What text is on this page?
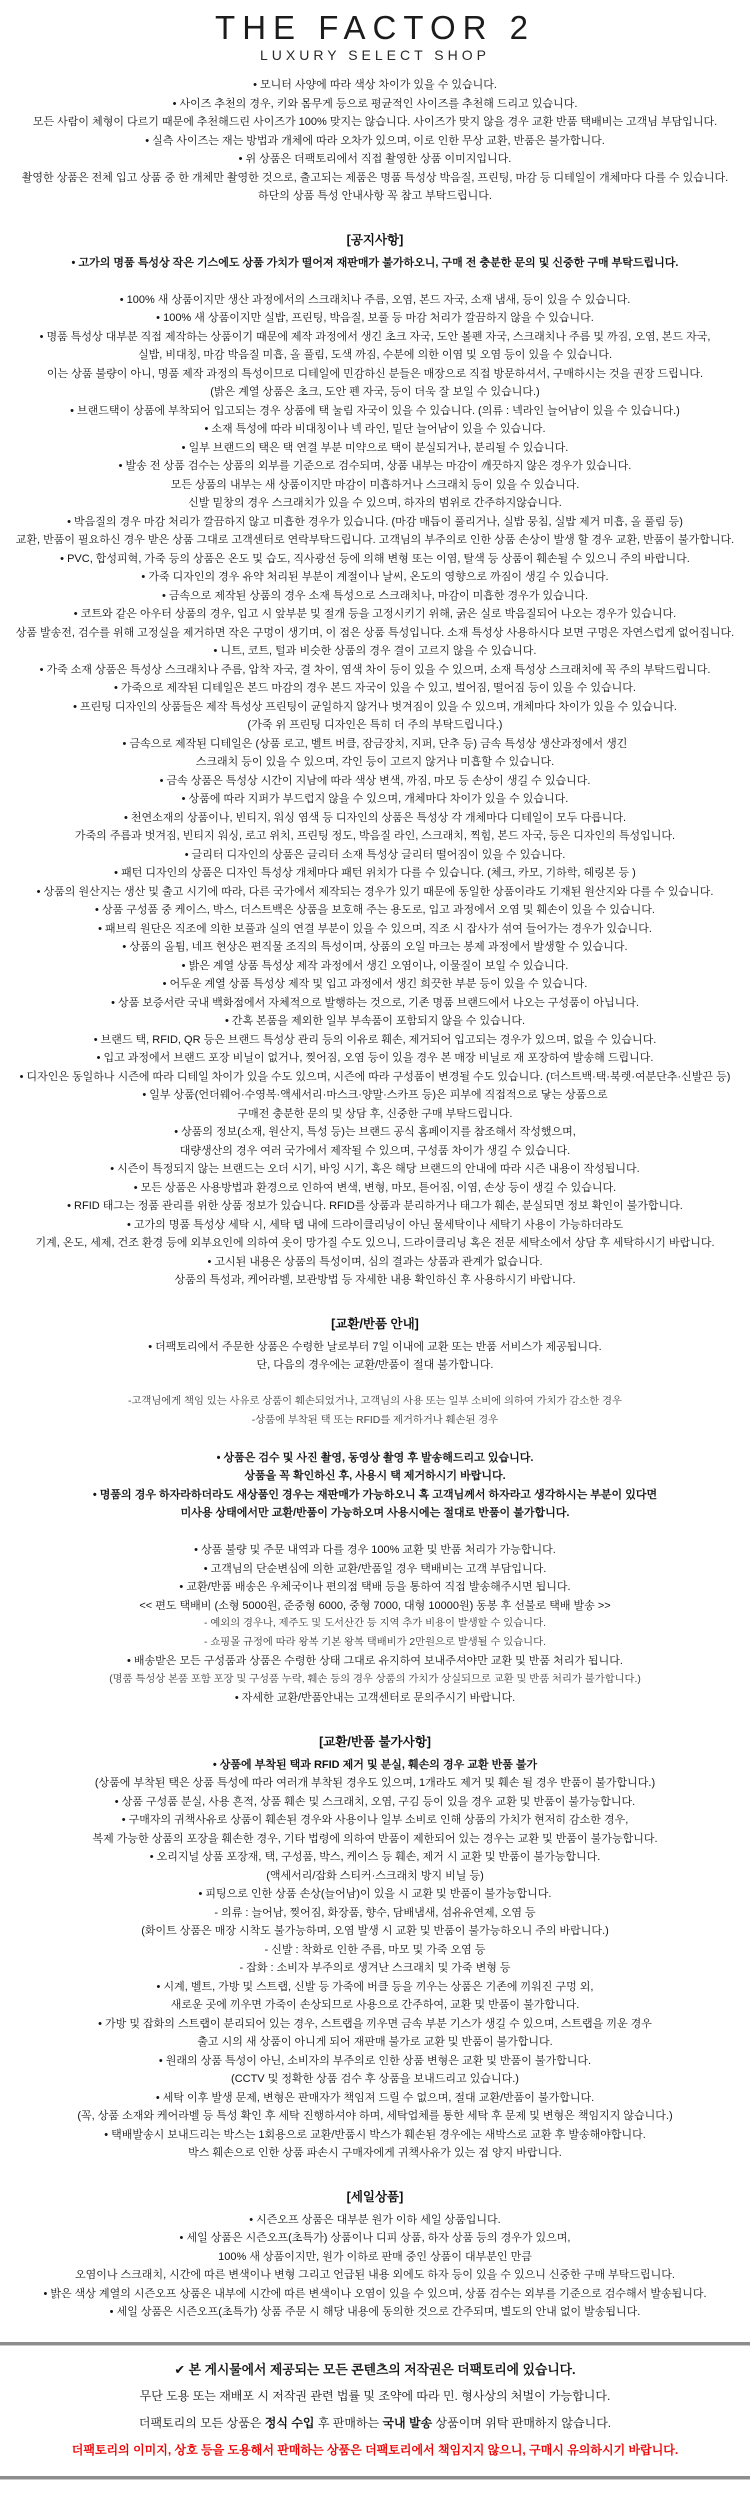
THE FACTOR 2
LUXURY SELECT SHOP
• 모니터 사양에 따라 색상 차이가 있을 수 있습니다.
• 사이즈 추천의 경우, 키와 몸무게 등으로 평균적인 사이즈를 추천해 드리고 있습니다.
모든 사람이 체형이 다르기 때문에 추천해드린 사이즈가 100% 맞지는 않습니다. 사이즈가 맞지 않을 경우 교환 반품 택배비는 고객님 부담입니다.
• 실측 사이즈는 재는 방법과 개체에 따라 오차가 있으며, 이로 인한 무상 교환, 반품은 불가합니다.
• 위 상품은 더팩토리에서 직접 촬영한 상품 이미지입니다.
촬영한 상품은 전체 입고 상품 중 한 개체만 촬영한 것으로, 출고되는 제품은 명품 특성상 박음질, 프린팅, 마감 등 디테일이 개체마다 다를 수 있습니다.
하단의 상품 특성 안내사항 꼭 참고 부탁드립니다.
[공지사항]
• 고가의 명품 특성상 작은 기스에도 상품 가치가 떨어져 재판매가 불가하오니, 구매 전 충분한 문의 및 신중한 구매 부탁드립니다.

• 100% 새 상품이지만 생산 과정에서의 스크래치나 주름, 오염, 본드 자국, 소재 냄새, 등이 있을 수 있습니다.
• 100% 새 상품이지만 실밥, 프린팅, 박음질, 보풀 등 마감 처리가 깔끔하지 않을 수 있습니다.
• 명품 특성상 대부분 직접 제작하는 상품이기 때문에 제작 과정에서 생긴 초크 자국, 도안 볼펜 자국, 스크래치나 주름 및 까짐, 오염, 본드 자국,
실밥, 비대칭, 마감 박음질 미흡, 올 풀림, 도색 까짐, 수분에 의한 이염 및 오염 등이 있을 수 있습니다.
이는 상품 불량이 아니, 명품 제작 과정의 특성이므로 디테일에 민감하신 분들은 매장으로 직접 방문하셔서, 구매하시는 것을 권장 드립니다.
(밝은 계열 상품은 초크, 도안 펜 자국, 등이 더욱 잘 보일 수 있습니다.)
• 브랜드택이 상품에 부착되어 입고되는 경우 상품에 택 눌림 자국이 있을 수 있습니다. (의류 : 넥라인 늘어남이 있을 수 있습니다.)
• 소재 특성에 따라 비대칭이나 넥 라인, 밑단 늘어남이 있을 수 있습니다.
• 일부 브랜드의 택은 택 연결 부분 미약으로 택이 분실되거나, 분리될 수 있습니다.
• 발송 전 상품 검수는 상품의 외부를 기준으로 검수되며, 상품 내부는 마감이 깨끗하지 않은 경우가 있습니다.
모든 상품의 내부는 새 상품이지만 마감이 미흡하거나 스크래치 등이 있을 수 있습니다.
신발 밑창의 경우 스크래치가 있을 수 있으며, 하자의 범위로 간주하지않습니다.
• 박음질의 경우 마감 처리가 깔끔하지 않고 미흡한 경우가 있습니다. (마감 매듭이 풀리거나, 실밥 뭉침, 실밥 제거 미흡, 올 풀림 등)
교환, 반품이 필요하신 경우 받은 상품 그대로 고객센터로 연락부탁드립니다. 고객님의 부주의로 인한 상품 손상이 발생 할 경우 교환, 반품이 불가합니다.
• PVC, 합성피혁, 가죽 등의 상품은 온도 및 습도, 직사광선 등에 의해 변형 또는 이염, 탈색 등 상품이 훼손될 수 있으니 주의 바랍니다.
• 가죽 디자인의 경우 유약 처리된 부분이 계절이나 날씨, 온도의 영향으로 까짐이 생길 수 있습니다.
• 금속으로 제작된 상품의 경우 소재 특성으로 스크래치나, 마감이 미흡한 경우가 있습니다.
• 코트와 같은 아우터 상품의 경우, 입고 시 앞부분 및 절개 등을 고정시키기 위해, 굵은 실로 박음질되어 나오는 경우가 있습니다.
상품 발송전, 검수를 위해 고정실을 제거하면 작은 구멍이 생기며, 이 점은 상품 특성입니다. 소재 특성상 사용하시다 보면 구멍은 자연스럽게 없어집니다.
• 니트, 코트, 털과 비슷한 상품의 경우 결이 고르지 않을 수 있습니다.
• 가죽 소재 상품은 특성상 스크래치나 주름, 압착 자국, 결 차이, 염색 차이 등이 있을 수 있으며, 소재 특성상 스크래치에 꼭 주의 부탁드립니다.
• 가죽으로 제작된 디테일은 본드 마감의 경우 본드 자국이 있을 수 있고, 벌어짐, 떨어짐 등이 있을 수 있습니다.
• 프린팅 디자인의 상품들은 제작 특성상 프린팅이 균일하지 않거나 벗겨짐이 있을 수 있으며, 개체마다 차이가 있을 수 있습니다.
(가죽 위 프린팅 디자인은 특히 더 주의 부탁드립니다.)
• 금속으로 제작된 디테일은 (상품 로고, 벨트 버클, 잠금장치, 지퍼, 단추 등) 금속 특성상 생산과정에서 생긴
스크래치 등이 있을 수 있으며, 각인 등이 고르지 않거나 미흡할 수 있습니다.
• 금속 상품은 특성상 시간이 지남에 따라 색상 변색, 까짐, 마모 등 손상이 생길 수 있습니다.
• 상품에 따라 지퍼가 부드럽지 않을 수 있으며, 개체마다 차이가 있을 수 있습니다.
• 천연소재의 상품이나, 빈티지, 워싱 염색 등 디자인의 상품은 특성상 각 개체마다 디테일이 모두 다릅니다.
가죽의 주름과 벗겨짐, 빈티지 워싱, 로고 위치, 프린팅 정도, 박음질 라인, 스크래치, 찍힘, 본드 자국, 등은 디자인의 특성입니다.
• 글리터 디자인의 상품은 글리터 소재 특성상 글리터 떨어짐이 있을 수 있습니다.
• 패턴 디자인의 상품은 디자인 특성상 개체마다 패턴 위치가 다를 수 있습니다. (체크, 카모, 기하학, 헤링본 등 )
• 상품의 원산지는 생산 및 출고 시기에 따라, 다른 국가에서 제작되는 경우가 있기 때문에 동일한 상품이라도 기재된 원산지와 다를 수 있습니다.
• 상품 구성품 중 케이스, 박스, 더스트백은 상품을 보호해 주는 용도로, 입고 과정에서 오염 및 훼손이 있을 수 있습니다.
• 패브릭 원단은 직조에 의한 보풀과 실의 연결 부분이 있을 수 있으며, 직조 시 잡사가 섞여 들어가는 경우가 있습니다.
• 상품의 올튐, 네프 현상은 편직물 조직의 특성이며, 상품의 오일 마크는 봉제 과정에서 발생할 수 있습니다.
• 밝은 계열 상품 특성상 제작 과정에서 생긴 오염이나, 이물질이 보일 수 있습니다.
• 어두운 계열 상품 특성상 제작 및 입고 과정에서 생긴 희끗한 부분 등이 있을 수 있습니다.
• 상품 보증서란 국내 백화점에서 자체적으로 발행하는 것으로, 기존 명품 브랜드에서 나오는 구성품이 아닙니다.
• 간혹 본품을 제외한 일부 부속품이 포함되지 않을 수 있습니다.
• 브랜드 택, RFID, QR 등은 브랜드 특성상 관리 등의 이유로 훼손, 제거되어 입고되는 경우가 있으며, 없을 수 있습니다.
• 입고 과정에서 브랜드 포장 비닐이 없거나, 찢어짐, 오염 등이 있을 경우 본 매장 비닐로 재 포장하여 발송해 드립니다.
• 디자인은 동일하나 시즌에 따라 디테일 차이가 있을 수도 있으며, 시즌에 따라 구성품이 변경될 수도 있습니다. (더스트백·택·북렛·여분단추·신발끈 등)
• 일부 상품(언더웨어·수영복·액세서리·마스크·양말·스카프 등)은 피부에 직접적으로 닿는 상품으로
구매전 충분한 문의 및 상담 후, 신중한 구매 부탁드립니다.
• 상품의 정보(소재, 원산지, 특성 등)는 브랜드 공식 홈페이지를 참조해서 작성했으며,
대량생산의 경우 여러 국가에서 제작될 수 있으며, 구성품 차이가 생길 수 있습니다.
• 시즌이 특정되지 않는 브랜드는 오더 시기, 바잉 시기, 혹은 해당 브랜드의 안내에 따라 시즌 내용이 작성됩니다.
• 모든 상품은 사용방법과 환경으로 인하여 변색, 변형, 마모, 튿어짐, 이염, 손상 등이 생길 수 있습니다.
• RFID 태그는 정품 관리를 위한 상품 정보가 있습니다. RFID를 상품과 분리하거나 태그가 훼손, 분실되면 정보 확인이 불가합니다.
• 고가의 명품 특성상 세탁 시, 세탁 탭 내에 드라이클리닝이 아닌 물세탁이나 세탁기 사용이 가능하더라도
기계, 온도, 세제, 건조 환경 등에 외부요인에 의하여 옷이 망가질 수도 있으니, 드라이클리닝 혹은 전문 세탁소에서 상담 후 세탁하시기 바랍니다.
• 고시된 내용은 상품의 특성이며, 심의 결과는 상품과 관계가 없습니다.
상품의 특성과, 케어라벨, 보관방법 등 자세한 내용 확인하신 후 사용하시기 바랍니다.
[교환/반품 안내]
• 더팩토리에서 주문한 상품은 수령한 날로부터 7일 이내에 교환 또는 반품 서비스가 제공됩니다.
단, 다음의 경우에는 교환/반품이 절대 불가합니다.

-고객님에게 책임 있는 사유로 상품이 훼손되었거나, 고객님의 사용 또는 일부 소비에 의하여 가치가 감소한 경우
-상품에 부착된 택 또는 RFID를 제거하거나 훼손된 경우

• 상품은 검수 및 사진 촬영, 동영상 촬영 후 발송해드리고 있습니다.
상품을 꼭 확인하신 후, 사용시 택 제거하시기 바랍니다.
• 명품의 경우 하자라하더라도 새상품인 경우는 재판매가 가능하오니 혹 고객님께서 하자라고 생각하시는 부분이 있다면
미사용 상태에서만 교환/반품이 가능하오며 사용시에는 절대로 반품이 불가합니다.

• 상품 불량 및 주문 내역과 다를 경우 100% 교환 및 반품 처리가 가능합니다.
• 고객님의 단순변심에 의한 교환/반품일 경우 택배비는 고객 부담입니다.
• 교환/반품 배송은 우체국이나 편의점 택배 등을 통하여 직접 발송해주시면 됩니다.
<< 편도 택배비 (소형 5000원, 준중형 6000, 중형 7000, 대형 10000원) 동봉 후 선불로 택배 발송 >>
- 예외의 경우나, 제주도 및 도서산간 등 지역 추가 비용이 발생할 수 있습니다.
- 쇼핑몰 규정에 따라 왕복 기본 왕복 택배비가 2만원으로 발생될 수 있습니다.
• 배송받은 모든 구성품과 상품은 수령한 상태 그대로 유지하여 보내주셔야만 교환 및 반품 처리가 됩니다.
(명품 특성상 본품 포함 포장 및 구성품 누락, 훼손 등의 경우 상품의 가치가 상실되므로 교환 및 반품 처리가 불가합니다.)
• 자세한 교환/반품안내는 고객센터로 문의주시기 바랍니다.
[교환/반품 불가사항]
• 상품에 부착된 택과 RFID 제거 및 분실, 훼손의 경우 교환 반품 불가
(상품에 부착된 택은 상품 특성에 따라 여러개 부착된 경우도 있으며, 1개라도 제거 및 훼손 될 경우 반품이 불가합니다.)
• 상품 구성품 분실, 사용 흔적, 상품 훼손 및 스크래치, 오염, 구김 등이 있을 경우 교환 및 반품이 불가능합니다.
• 구매자의 귀책사유로 상품이 훼손된 경우와 사용이나 일부 소비로 인해 상품의 가치가 현저히 감소한 경우,
복제 가능한 상품의 포장을 훼손한 경우, 기타 법령에 의하여 반품이 제한되어 있는 경우는 교환 및 반품이 불가능합니다.
• 오리지널 상품 포장재, 택, 구성품, 박스, 케이스 등 훼손, 제거 시 교환 및 반품이 불가능합니다.
(액세서리/잡화 스티커·스크래치 방지 비닐 등)
• 피팅으로 인한 상품 손상(늘어남)이 있을 시 교환 및 반품이 불가능합니다.
- 의류 : 늘어남, 찢어짐, 화장품, 향수, 담배냄새, 섬유유연제, 오염 등
(화이트 상품은 매장 시착도 불가능하며, 오염 발생 시 교환 및 반품이 불가능하오니 주의 바랍니다.)
- 신발 : 착화로 인한 주름, 마모 및 가죽 오염 등
- 잡화 : 소비자 부주의로 생겨난 스크래치 및 가죽 변형 등
• 시계, 벨트, 가방 및 스트랩, 신발 등 가죽에 버클 등을 끼우는 상품은 기존에 끼워진 구멍 외,
새로운 곳에 끼우면 가죽이 손상되므로 사용으로 간주하여, 교환 및 반품이 불가합니다.
• 가방 및 잡화의 스트랩이 분리되어 있는 경우, 스트랩을 끼우면 금속 부분 기스가 생길 수 있으며, 스트랩을 끼운 경우
출고 시의 새 상품이 아니게 되어 재판매 불가로 교환 및 반품이 불가합니다.
• 원래의 상품 특성이 아닌, 소비자의 부주의로 인한 상품 변형은 교환 및 반품이 불가합니다.
(CCTV 및 정확한 상품 검수 후 상품을 보내드리고 있습니다.)
• 세탁 이후 발생 문제, 변형은 판매자가 책임져 드릴 수 없으며, 절대 교환/반품이 불가합니다.
(꼭, 상품 소재와 케어라벨 등 특성 확인 후 세탁 진행하셔야 하며, 세탁업체를 통한 세탁 후 문제 및 변형은 책임지지 않습니다.)
• 택배발송시 보내드리는 박스는 1회용으로 교환/반품시 박스가 훼손된 경우에는 새박스로 교환 후 발송해야합니다.
박스 훼손으로 인한 상품 파손시 구매자에게 귀책사유가 있는 점 양지 바랍니다.
[세일상품]
• 시즌오프 상품은 대부분 원가 이하 세일 상품입니다.
• 세일 상품은 시즌오프(초특가) 상품이나 디피 상품, 하자 상품 등의 경우가 있으며,
100% 새 상품이지만, 원가 이하로 판매 중인 상품이 대부분인 만큼
오염이나 스크래치, 시간에 따른 변색이나 변형 그리고 언급된 내용 외에도 하자 등이 있을 수 있으니 신중한 구매 부탁드립니다.
• 밝은 색상 계열의 시즌오프 상품은 내부에 시간에 따른 변색이나 오염이 있을 수 있으며, 상품 검수는 외부를 기준으로 검수해서 발송됩니다.
• 세일 상품은 시즌오프(초특가) 상품 주문 시 해당 내용에 동의한 것으로 간주되며, 별도의 안내 없이 발송됩니다.
✔ 본 게시물에서 제공되는 모든 콘텐츠의 저작권은 더팩토리에 있습니다.
무단 도용 또는 재배포 시 저작권 관련 법률 및 조약에 따라 민. 형사상의 처벌이 가능합니다.
더팩토리의 모든 상품은 정식 수입 후 판매하는 국내 발송 상품이며 위탁 판매하지 않습니다.
더팩토리의 이미지, 상호 등을 도용해서 판매하는 상품은 더팩토리에서 책임지지 않으니, 구매시 유의하시기 바랍니다.
